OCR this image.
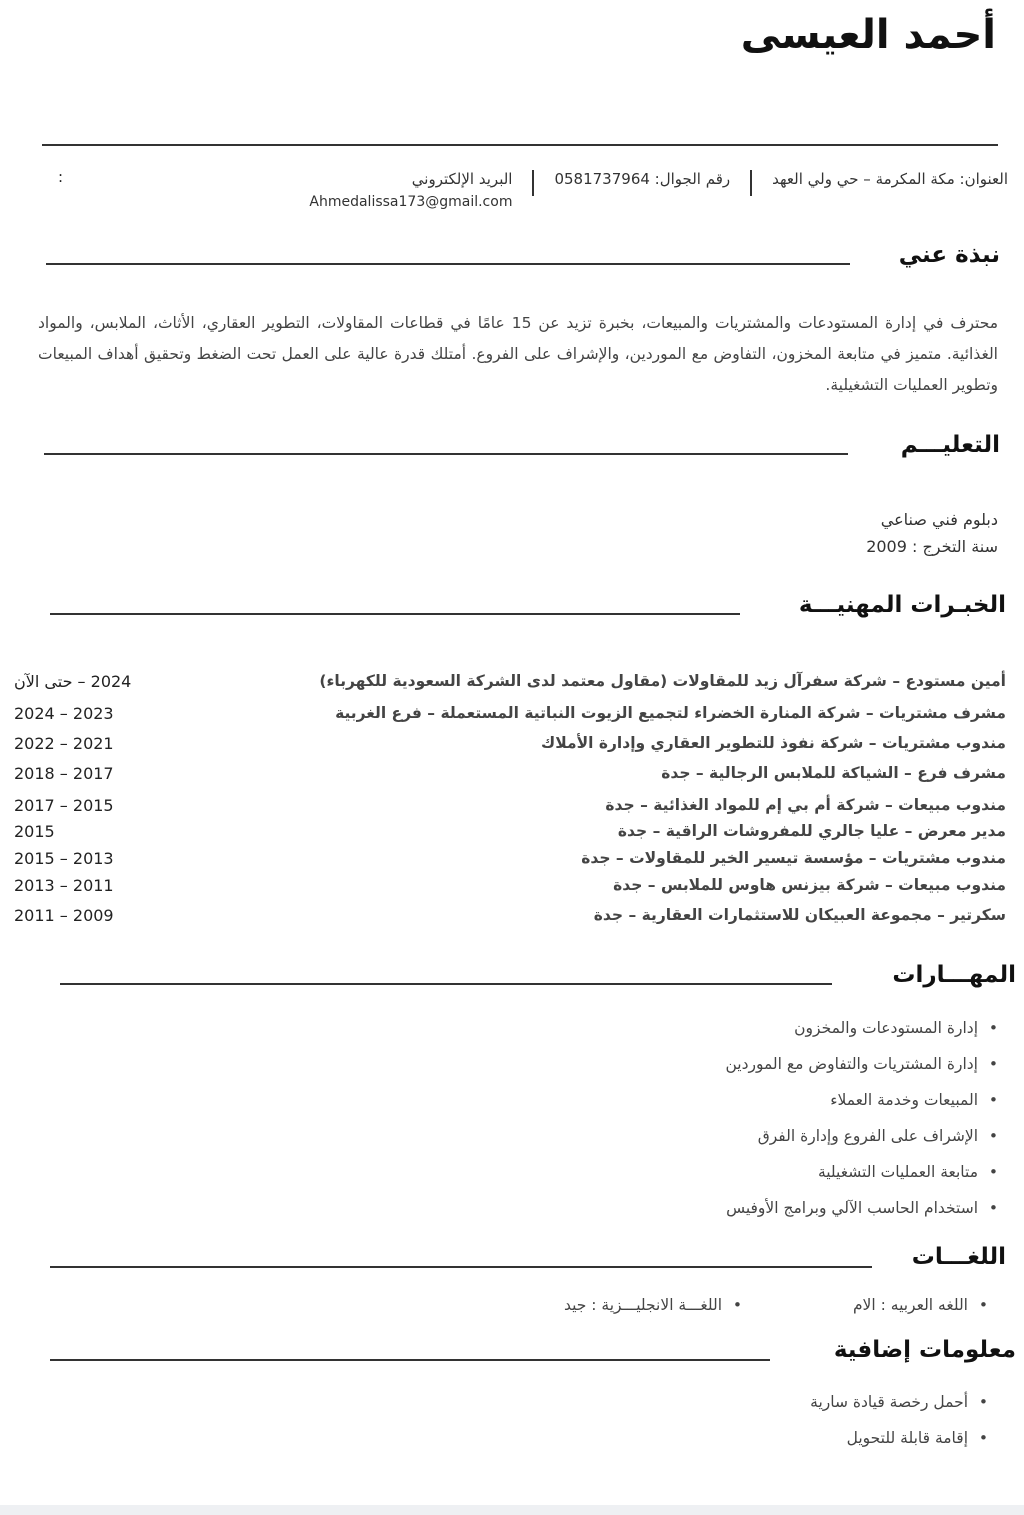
أحمد العيسى
العنوان: مكة المكرمة – حي ولي العهد
رقم الجوال: 0581737964
البريد الإلكتروني
Ahmedalissa173@gmail.com
:
نبذة عني
محترف في إدارة المستودعات والمشتريات والمبيعات، بخبرة تزيد عن 15 عامًا في قطاعات المقاولات، التطوير العقاري، الأثاث، الملابس، والمواد الغذائية. متميز في متابعة المخزون، التفاوض مع الموردين، والإشراف على الفروع. أمتلك قدرة عالية على العمل تحت الضغط وتحقيق أهداف المبيعات وتطوير العمليات التشغيلية.
التعليـــم
دبلوم فني صناعي
سنة التخرج : 2009
الخبـرات المهنيـــة
أمين مستودع – شركة سفرآل زيد للمقاولات (مقاول معتمد لدى الشركة السعودية للكهرباء)
2024 – حتى الآن
مشرف مشتريات – شركة المنارة الخضراء لتجميع الزيوت النباتية المستعملة – فرع الغربية
2023 – 2024
مندوب مشتريات – شركة نفوذ للتطوير العقاري وإدارة الأملاك
2021 – 2022
مشرف فرع – الشياكة للملابس الرجالية – جدة
2017 – 2018
مندوب مبيعات – شركة أم بي إم للمواد الغذائية – جدة
2015 – 2017
مدير معرض – عليا جالري للمفروشات الراقية – جدة
2015
مندوب مشتريات – مؤسسة تيسير الخير للمقاولات – جدة
2013 – 2015
مندوب مبيعات – شركة بيزنس هاوس للملابس – جدة
2011 – 2013
سكرتير – مجموعة العبيكان للاستثمارات العقارية – جدة
2009 – 2011
المهـــارات
• إدارة المستودعات والمخزون
• إدارة المشتريات والتفاوض مع الموردين
• المبيعات وخدمة العملاء
• الإشراف على الفروع وإدارة الفرق
• متابعة العمليات التشغيلية
• استخدام الحاسب الآلي وبرامج الأوفيس
اللغـــات
• اللغه العربيه : الام
• اللغـــة الانجليـــزية : جيد
معلومات إضافية
• أحمل رخصة قيادة سارية
• إقامة قابلة للتحويل
